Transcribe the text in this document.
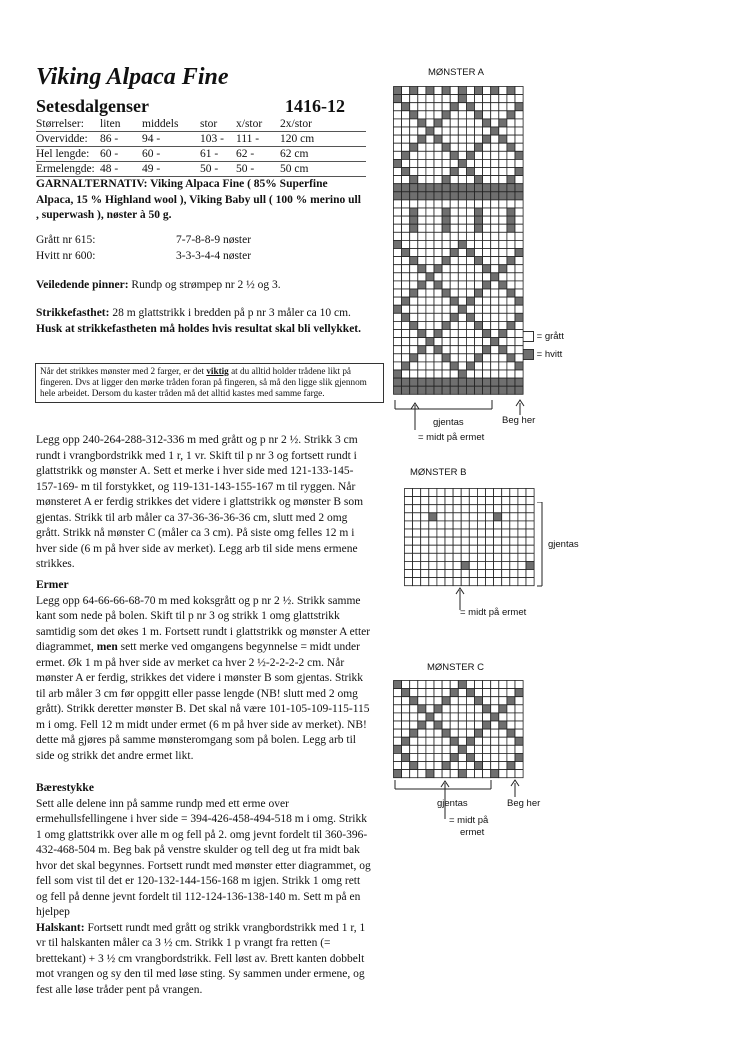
Viking Alpaca Fine
Setesdalgenser	1416-12
Størrelser:	liten	middels	stor	x/stor	2x/stor
Overvidde:	86 -	94 -	103 -	111 -	120 cm
Hel lengde: 60 -	60 -	61 -	62 -	62 cm
Ermelengde: 48 -	49 -	50 -	50 -	50 cm
GARNALTERNATIV: Viking Alpaca Fine ( 85% Superfine Alpaca, 15 % Highland wool ), Viking Baby ull ( 100 % merino ull , superwash ), nøster à 50 g.
Grått nr 615:	7-7-8-8-9 nøster
Hvitt nr 600:	3-3-3-4-4 nøster
Veiledende pinner: Rundp og strømpep nr 2 ½ og 3.
Strikkefasthet: 28 m glattstrikk i bredden på p nr 3 måler ca 10 cm. Husk at strikkefastheten må holdes hvis resultat skal bli vellykket.
Når det strikkes mønster med 2 farger, er det viktig at du alltid holder trådene likt på fingeren. Dvs at ligger den mørke tråden foran på fingeren, så må den ligge slik gjennom hele arbeidet. Dersom du kaster tråden må det alltid kastes med samme farge.
Legg opp 240-264-288-312-336 m med grått og p nr 2 ½. Strikk 3 cm rundt i vrangbordstrikk med 1 r, 1 vr. Skift til p nr 3 og fortsett rundt i glattstrikk og mønster A. Sett et merke i hver side med 121-133-145-157-169- m til forstykket, og 119-131-143-155-167 m til ryggen. Når mønsteret A er ferdig strikkes det videre i glattstrikk og mønster B som gjentas. Strikk til arb måler ca 37-36-36-36-36 cm, slutt med 2 omg grått. Strikk nå mønster C (måler ca 3 cm). På siste omg felles 12 m i hver side (6 m på hver side av merket). Legg arb til side mens ermene strikkes.
Ermer
Legg opp 64-66-66-68-70 m med koksgrått og p nr 2 ½. Strikk samme kant som nede på bolen. Skift til p nr 3 og strikk 1 omg glattstrikk samtidig som det økes 1 m. Fortsett rundt i glattstrikk og mønster A etter diagrammet, men sett merke ved omgangens begynnelse = midt under ermet. Øk 1 m på hver side av merket ca hver 2 ½-2-2-2-2 cm. Når mønster A er ferdig, strikkes det videre i mønster B som gjentas. Strikk til arb måler 3 cm før oppgitt eller passe lengde (NB! slutt med 2 omg grått). Strikk deretter mønster B. Det skal nå være 101-105-109-115-115 m i omg. Fell 12 m midt under ermet (6 m på hver side av merket). NB! dette må gjøres på samme mønsteromgang som på bolen. Legg arb til side og strikk det andre ermet likt.
Bærestykke
Sett alle delene inn på samme rundp med ett erme over ermehullsfellingene i hver side = 394-426-458-494-518 m i omg. Strikk 1 omg glattstrikk over alle m og fell på 2. omg jevnt fordelt til 360-396-432-468-504 m. Beg bak på venstre skulder og tell deg ut fra midt bak hvor det skal begynnes. Fortsett rundt med mønster etter diagrammet, og fell som vist til det er 120-132-144-156-168 m igjen. Strikk 1 omg rett og fell på denne jevnt fordelt til 112-124-136-138-140 m. Sett m på en hjelpep
Halskant: Fortsett rundt med grått og strikk vrangbordstrikk med 1 r, 1 vr til halskanten måler ca 3 ½ cm. Strikk 1 p vrangt fra retten (= brettekant) + 3 ½ cm vrangbordstrikk. Fell løst av. Brett kanten dobbelt mot vrangen og sy den til med løse sting. Sy sammen under ermene, og fest alle løse tråder pent på vrangen.
MØNSTER A
= grått
= hvitt
gjentas	Beg her
= midt på ermet
MØNSTER B
gjentas
= midt på ermet
MØNSTER C
gjentas	Beg her
= midt på
ermet
